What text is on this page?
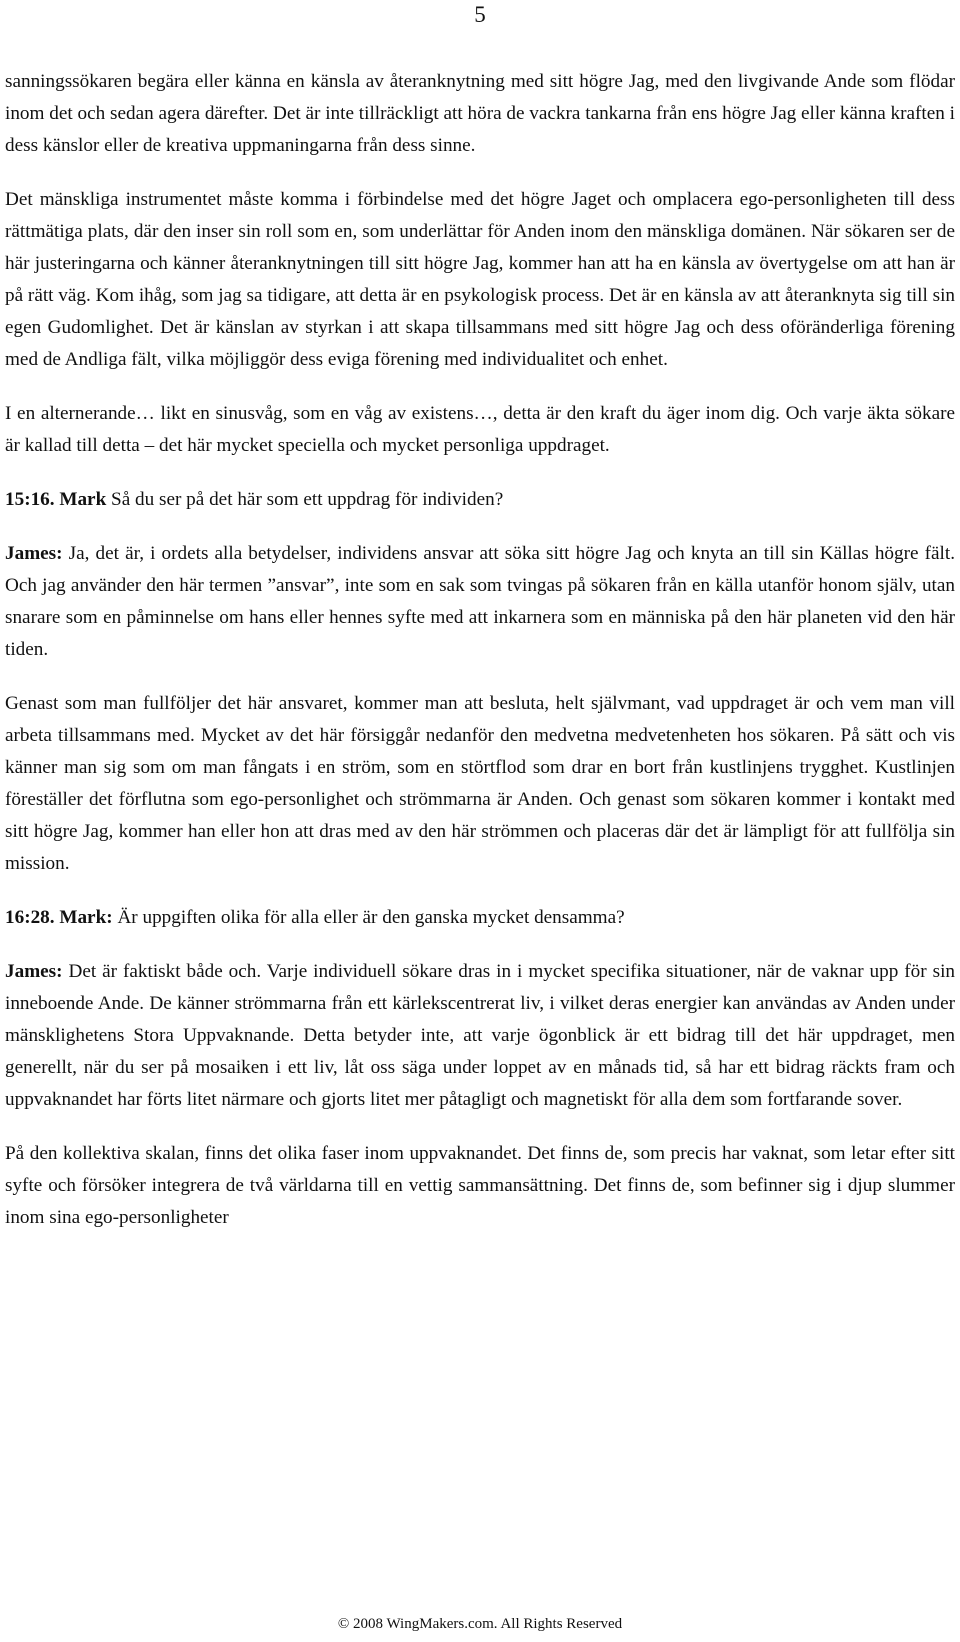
5

sanningssökaren begära eller känna en känsla av återanknytning med sitt högre Jag, med den livgivande Ande som flödar inom det och sedan agera därefter. Det är inte tillräckligt att höra de vackra tankarna från ens högre Jag eller känna kraften i dess känslor eller de kreativa uppmaningarna från dess sinne.

Det mänskliga instrumentet måste komma i förbindelse med det högre Jaget och omplacera ego-personligheten till dess rättmätiga plats, där den inser sin roll som en, som underlättar för Anden inom den mänskliga domänen. När sökaren ser de här justeringarna och känner återanknytningen till sitt högre Jag, kommer han att ha en känsla av övertygelse om att han är på rätt väg. Kom ihåg, som jag sa tidigare, att detta är en psykologisk process. Det är en känsla av att återanknyta sig till sin egen Gudomlighet. Det är känslan av styrkan i att skapa tillsammans med sitt högre Jag och dess oföränderliga förening med de Andliga fält, vilka möjliggör dess eviga förening med individualitet och enhet.

I en alternerande… likt en sinusvåg, som en våg av existens…, detta är den kraft du äger inom dig. Och varje äkta sökare är kallad till detta – det här mycket speciella och mycket personliga uppdraget.

15:16. Mark Så du ser på det här som ett uppdrag för individen?

James: Ja, det är, i ordets alla betydelser, individens ansvar att söka sitt högre Jag och knyta an till sin Källas högre fält. Och jag använder den här termen ”ansvar”, inte som en sak som tvingas på sökaren från en källa utanför honom själv, utan snarare som en påminnelse om hans eller hennes syfte med att inkarnera som en människa på den här planeten vid den här tiden.

Genast som man fullföljer det här ansvaret, kommer man att besluta, helt självmant, vad uppdraget är och vem man vill arbeta tillsammans med. Mycket av det här försiggår nedanför den medvetna medvetenheten hos sökaren. På sätt och vis känner man sig som om man fångats i en ström, som en störtflod som drar en bort från kustlinjens trygghet. Kustlinjen föreställer det förflutna som ego-personlighet och strömmarna är Anden. Och genast som sökaren kommer i kontakt med sitt högre Jag, kommer han eller hon att dras med av den här strömmen och placeras där det är lämpligt för att fullfölja sin mission.

16:28. Mark: Är uppgiften olika för alla eller är den ganska mycket densamma?

James: Det är faktiskt både och. Varje individuell sökare dras in i mycket specifika situationer, när de vaknar upp för sin inneboende Ande. De känner strömmarna från ett kärlekscentrerat liv, i vilket deras energier kan användas av Anden under mänsklighetens Stora Uppvaknande. Detta betyder inte, att varje ögonblick är ett bidrag till det här uppdraget, men generellt, när du ser på mosaiken i ett liv, låt oss säga under loppet av en månads tid, så har ett bidrag räckts fram och uppvaknandet har förts litet närmare och gjorts litet mer påtagligt och magnetiskt för alla dem som fortfarande sover.

På den kollektiva skalan, finns det olika faser inom uppvaknandet. Det finns de, som precis har vaknat, som letar efter sitt syfte och försöker integrera de två världarna till en vettig sammansättning. Det finns de, som befinner sig i djup slummer inom sina ego-personligheter

© 2008 WingMakers.com. All Rights Reserved
